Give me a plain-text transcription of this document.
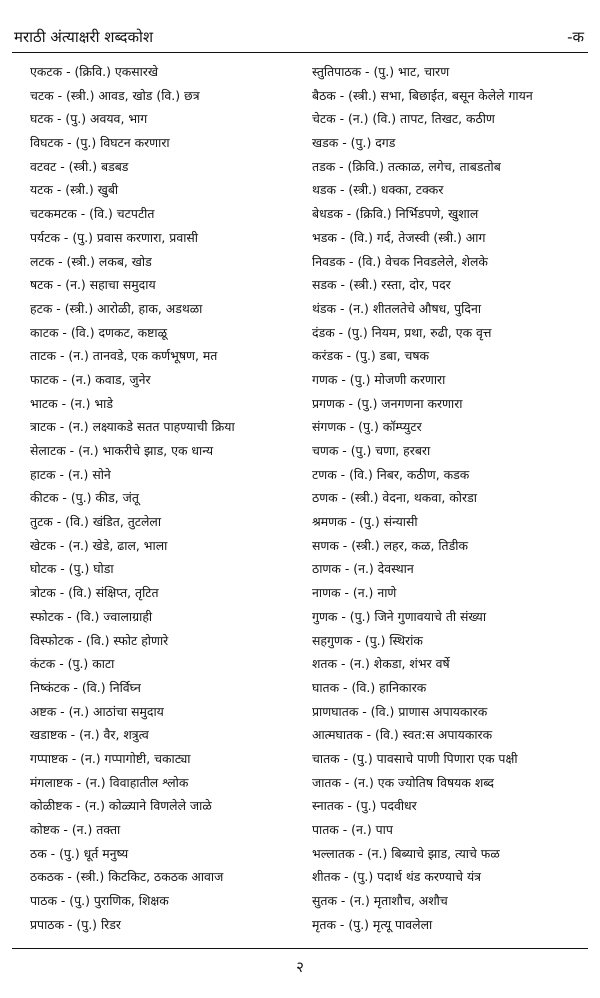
मराठी अंत्याक्षरी शब्दकोश	-क
एकटक - (क्रिवि.) एकसारखे
चटक - (स्त्री.) आवड, खोड (वि.) छत्र
घटक - (पु.) अवयव, भाग
विघटक - (पु.) विघटन करणारा
वटवट - (स्त्री.) बडबड
यटक - (स्त्री.) खुबी
चटकमटक - (वि.) चटपटीत
पर्यटक - (पु.) प्रवास करणारा, प्रवासी
लटक - (स्त्री.) लकब, खोड
षटक - (न.) सहाचा समुदाय
हटक - (स्त्री.) आरोळी, हाक, अडथळा
काटक - (वि.) दणकट, कष्टाळू
ताटक - (न.) तानवडे, एक कर्णभूषण, मत
फाटक - (न.) कवाड, जुनेर
भाटक - (न.) भाडे
त्राटक - (न.) लक्ष्याकडे सतत पाहण्याची क्रिया
सेलाटक - (न.) भाकरीचे झाड, एक धान्य
हाटक - (न.) सोने
कीटक - (पु.) कीड, जंतू
तुटक - (वि.) खंडित, तुटलेला
खेटक - (न.) खेडे, ढाल, भाला
घोटक - (पु.) घोडा
त्रोटक - (वि.) संक्षिप्त, तृटित
स्फोटक - (वि.) ज्वालाग्राही
विस्फोटक - (वि.) स्फोट होणारे
कंटक - (पु.) काटा
निष्कंटक - (वि.) निर्विघ्न
अष्टक - (न.) आठांचा समुदाय
खडाष्टक - (न.) वैर, शत्रुत्व
गप्पाष्टक - (न.) गप्पागोष्टी, चकाट्या
मंगलाष्टक - (न.) विवाहातील श्लोक
कोळीष्टक - (न.) कोळ्याने विणलेले जाळे
कोष्टक - (न.) तक्ता
ठक - (पु.) धूर्त मनुष्य
ठकठक - (स्त्री.) किटकिट, ठकठक आवाज
पाठक - (पु.) पुराणिक, शिक्षक
प्रपाठक - (पु.) रिडर
स्तुतिपाठक - (पु.) भाट, चारण
बैठक - (स्त्री.) सभा, बिछाईत, बसून केलेले गायन
चेटक - (न.) (वि.) तापट, तिखट, कठीण
खडक - (पु.) दगड
तडक - (क्रिवि.) तत्काळ, लगेच, ताबडतोब
थडक - (स्त्री.) धक्का, टक्कर
बेधडक - (क्रिवि.) निर्भिडपणे, खुशाल
भडक - (वि.) गर्द, तेजस्वी (स्त्री.) आग
निवडक - (वि.) वेचक निवडलेले, शेलके
सडक - (स्त्री.) रस्ता, दोर, पदर
थंडक - (न.) शीतलतेचे औषध, पुदिना
दंडक - (पु.) नियम, प्रथा, रुढी, एक वृत्त
करंडक - (पु.) डबा, चषक
गणक - (पु.) मोजणी करणारा
प्रगणक - (पु.) जनगणना करणारा
संगणक - (पु.) कॉम्प्युटर
चणक - (पु.) चणा, हरबरा
टणक - (वि.) निबर, कठीण, कडक
ठणक - (स्त्री.) वेदना, थकवा, कोरडा
श्रमणक - (पु.) संन्यासी
सणक - (स्त्री.) लहर, कळ, तिडीक
ठाणक - (न.) देवस्थान
नाणक - (न.) नाणे
गुणक - (पु.) जिने गुणावयाचे ती संख्या
सहगुणक - (पु.) स्थिरांक
शतक - (न.) शेकडा, शंभर वर्षे
घातक - (वि.) हानिकारक
प्राणघातक - (वि.) प्राणास अपायकारक
आत्मघातक - (वि.) स्वत:स अपायकारक
चातक - (पु.) पावसाचे पाणी पिणारा एक पक्षी
जातक - (न.) एक ज्योतिष विषयक शब्द
स्नातक - (पु.) पदवीधर
पातक - (न.) पाप
भल्लातक - (न.) बिब्याचे झाड, त्याचे फळ
शीतक - (पु.) पदार्थ थंड करण्याचे यंत्र
सुतक - (न.) मृताशौच, अशौच
मृतक - (पु.) मृत्यू पावलेला
२
